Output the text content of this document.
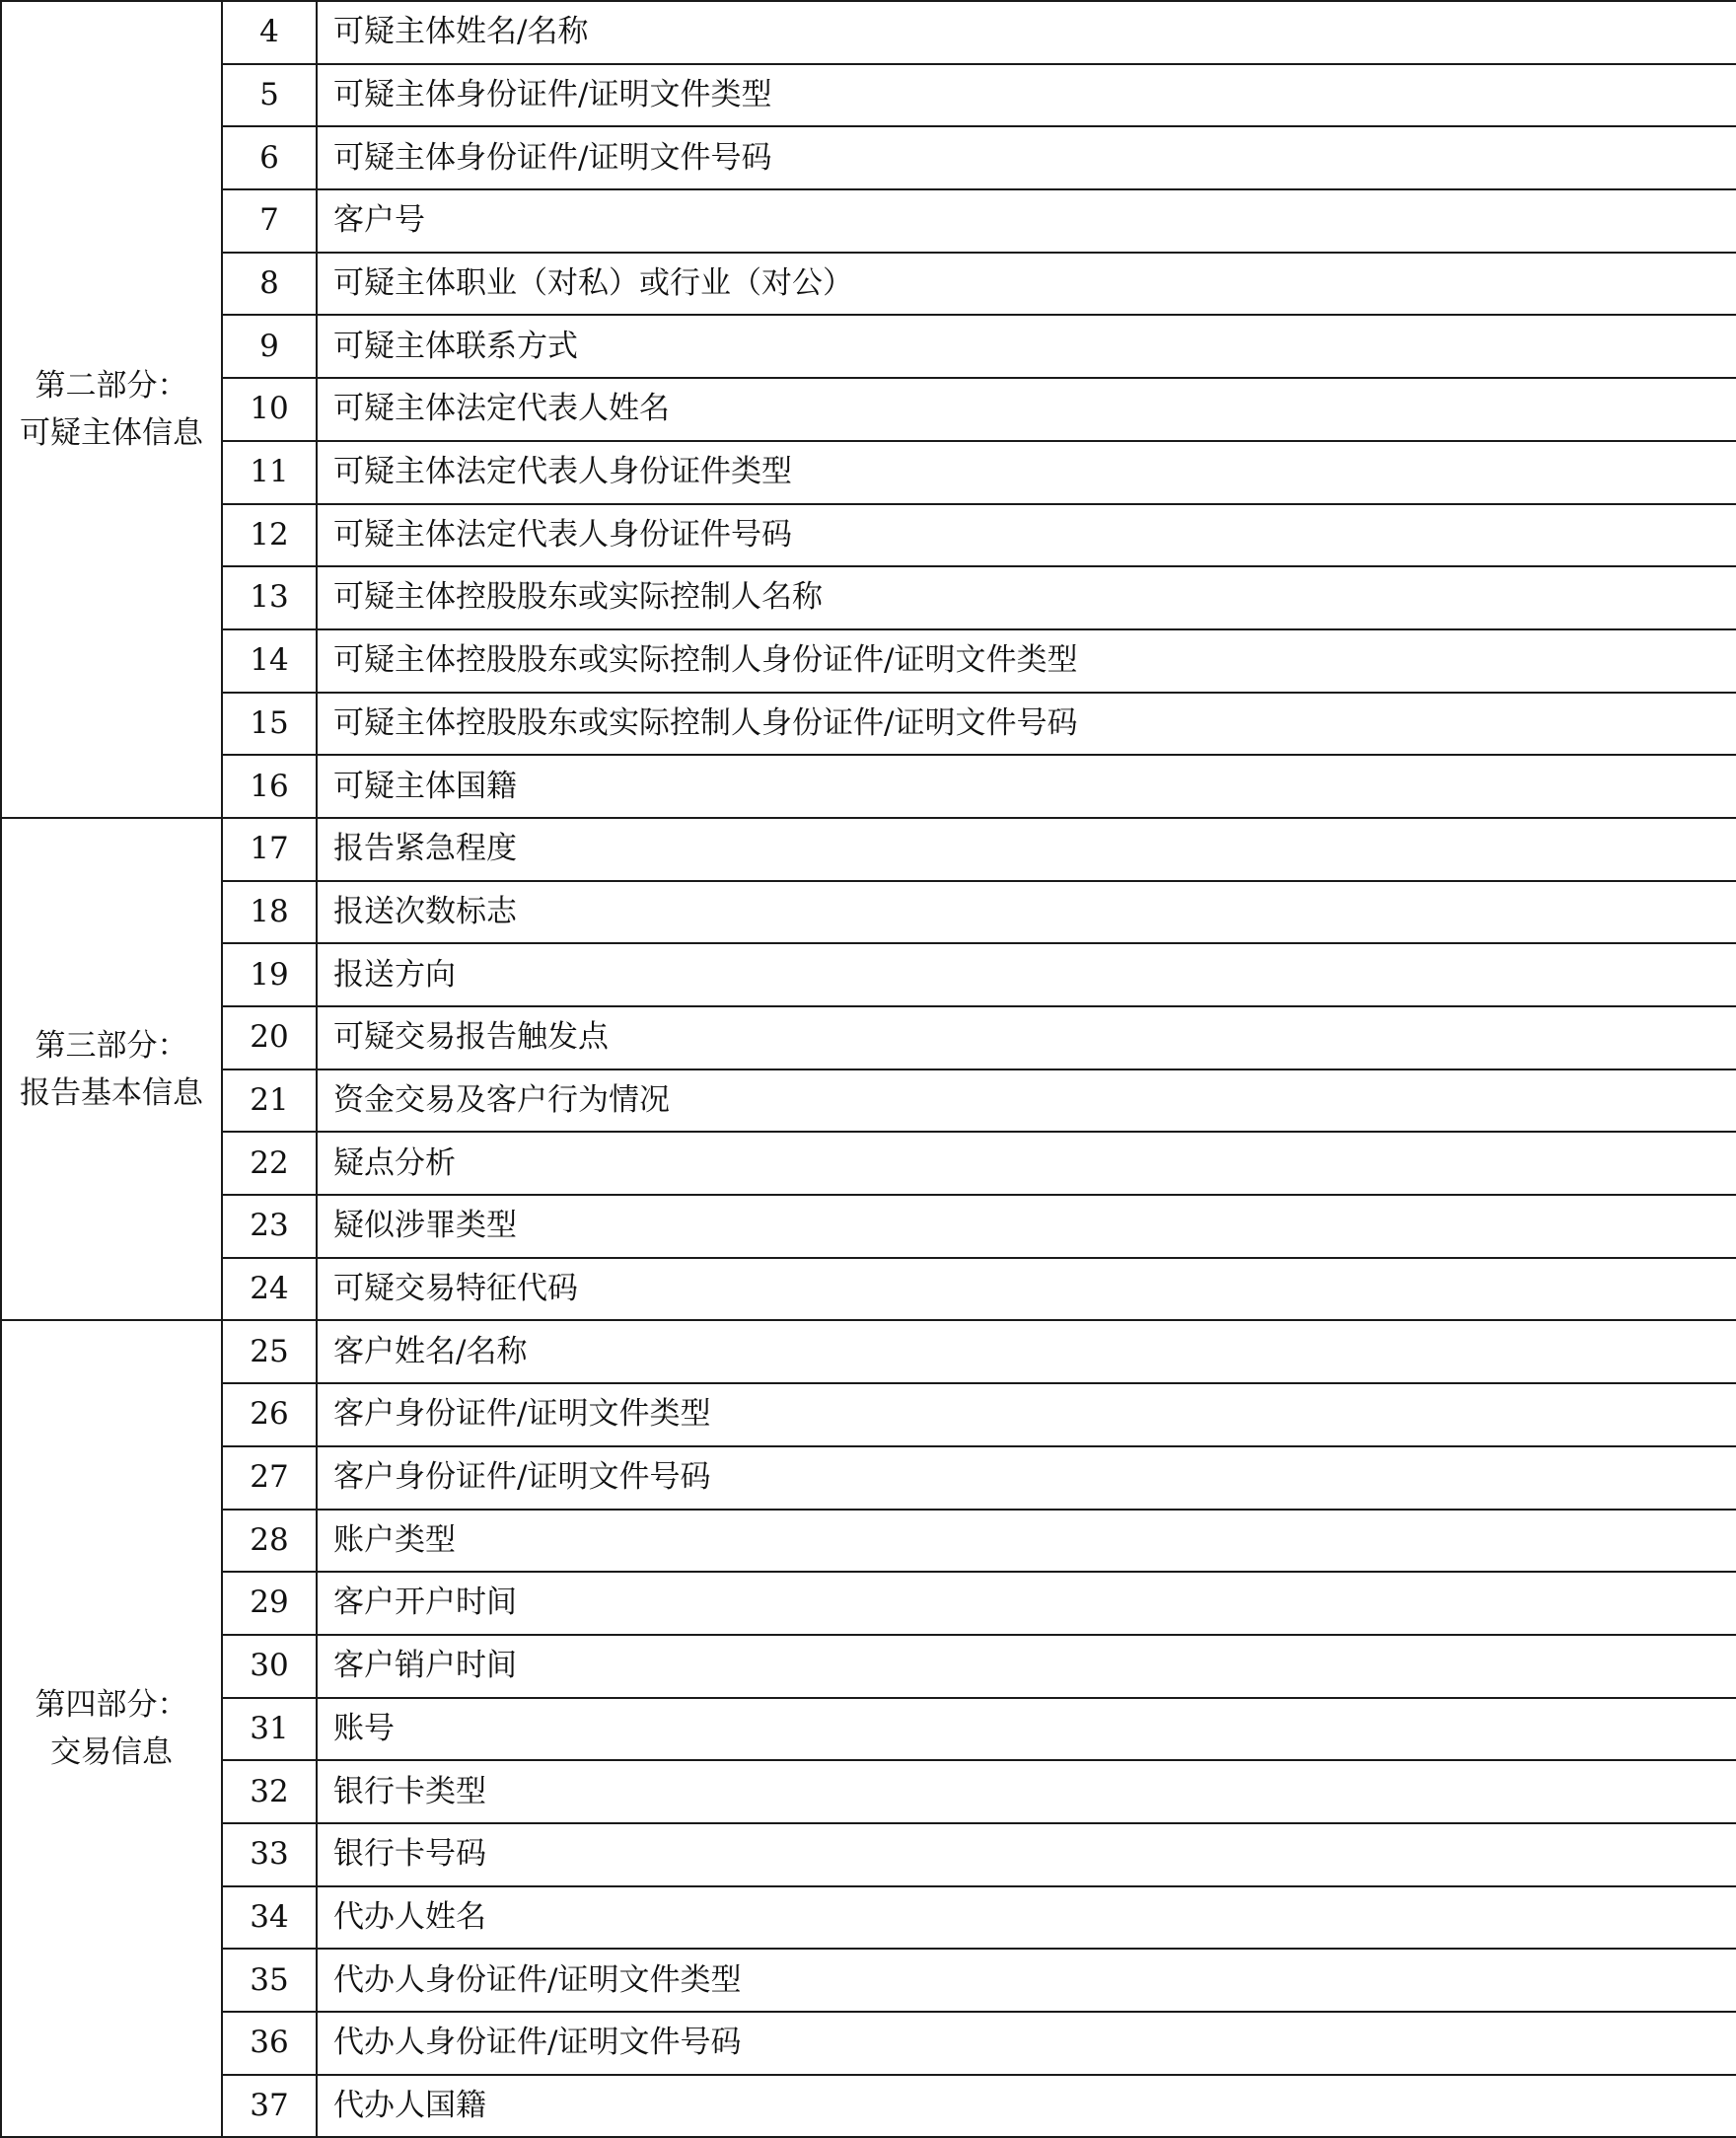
第二部分：
可疑主体信息	4	可疑主体姓名/名称
	5	可疑主体身份证件/证明文件类型
	6	可疑主体身份证件/证明文件号码
	7	客户号
	8	可疑主体职业（对私）或行业（对公）
	9	可疑主体联系方式
	10	可疑主体法定代表人姓名
	11	可疑主体法定代表人身份证件类型
	12	可疑主体法定代表人身份证件号码
	13	可疑主体控股股东或实际控制人名称
	14	可疑主体控股股东或实际控制人身份证件/证明文件类型
	15	可疑主体控股股东或实际控制人身份证件/证明文件号码
	16	可疑主体国籍

第三部分：
报告基本信息	17	报告紧急程度
	18	报送次数标志
	19	报送方向
	20	可疑交易报告触发点
	21	资金交易及客户行为情况
	22	疑点分析
	23	疑似涉罪类型
	24	可疑交易特征代码

第四部分：
交易信息	25	客户姓名/名称
	26	客户身份证件/证明文件类型
	27	客户身份证件/证明文件号码
	28	账户类型
	29	客户开户时间
	30	客户销户时间
	31	账号
	32	银行卡类型
	33	银行卡号码
	34	代办人姓名
	35	代办人身份证件/证明文件类型
	36	代办人身份证件/证明文件号码
	37	代办人国籍
